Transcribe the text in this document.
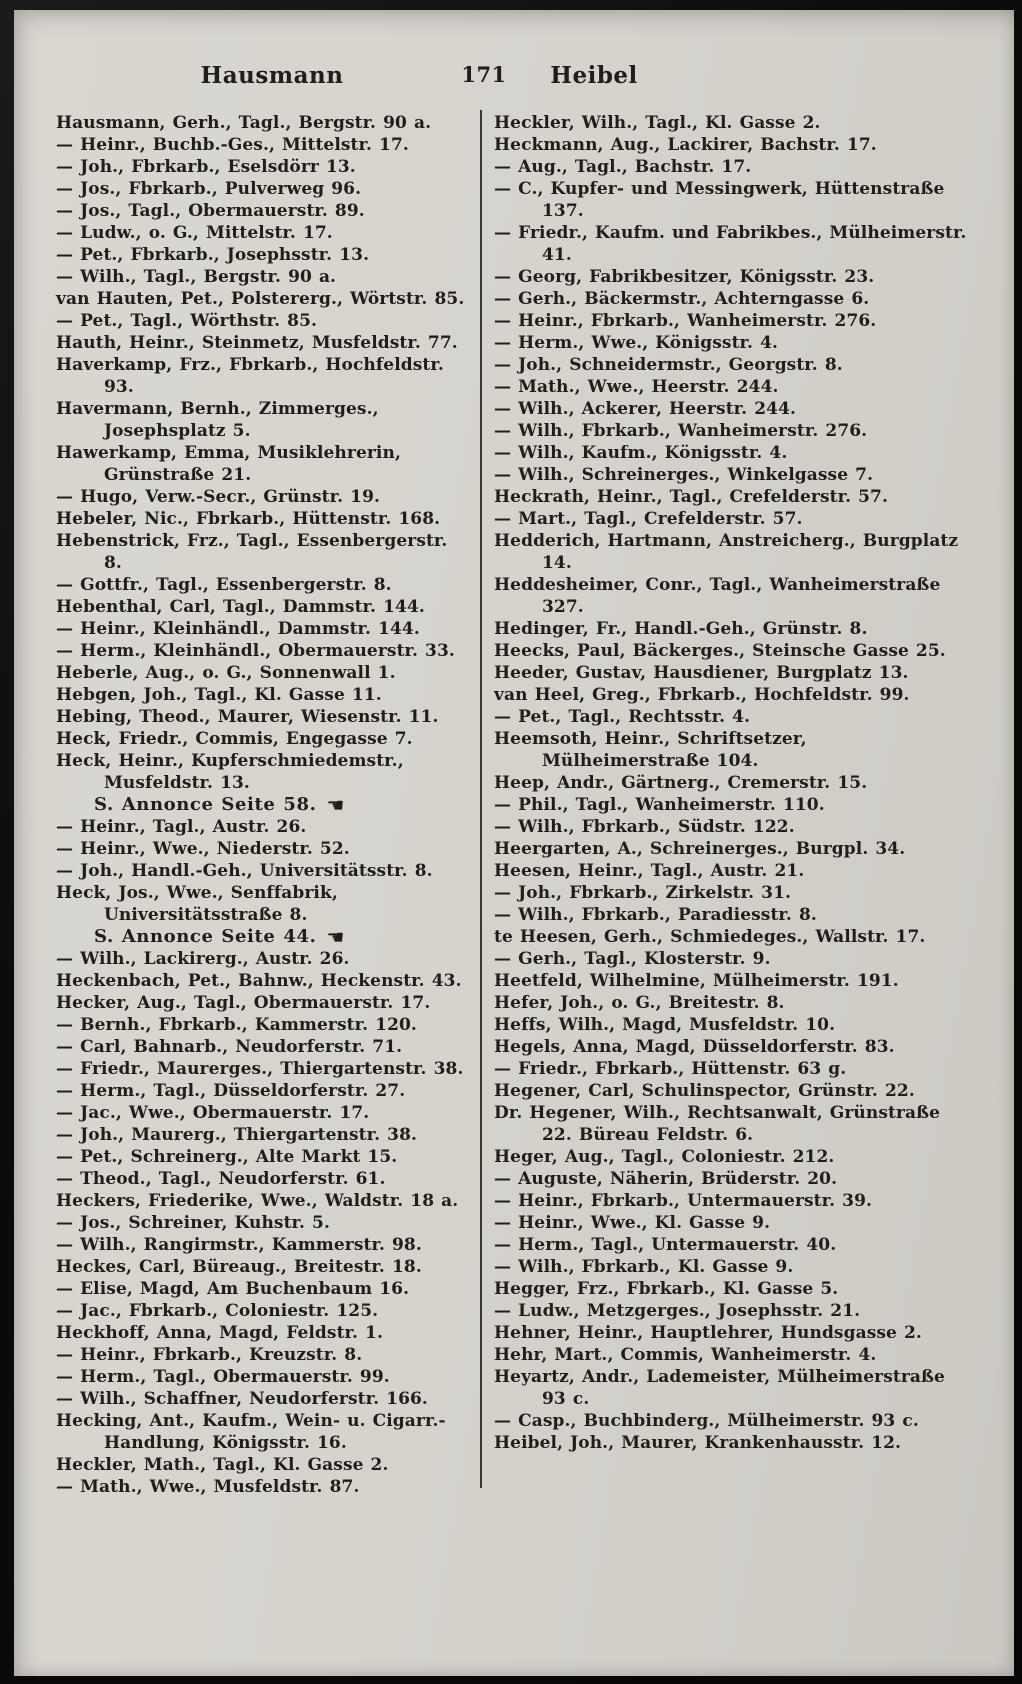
Hausmann	171 Heibel
Hausmann, Gerh., Tagl., Bergstr. 90 a.
— Heinr., Buchb.-Ges., Mittelstr. 17.
— Joh., Fbrkarb., Eselsdörr 13.
— Jos., Fbrkarb., Pulverweg 96.
— Jos., Tagl., Obermauerstr. 89.
— Ludw., o. G., Mittelstr. 17.
— Pet., Fbrkarb., Josephsstr. 13.
— Wilh., Tagl., Bergstr. 90 a.
van Hauten, Pet., Polstererg., Wörtstr. 85.
— Pet., Tagl., Wörthstr. 85.
Hauth, Heinr., Steinmetz, Musfeldstr. 77.
Haverkamp, Frz., Fbrkarb., Hochfeldstr. 93.
Havermann, Bernh., Zimmerges., Josephsplatz 5.
Hawerkamp, Emma, Musiklehrerin, Grünstraße 21.
— Hugo, Verw.-Secr., Grünstr. 19.
Hebeler, Nic., Fbrkarb., Hüttenstr. 168.
Hebenstrick, Frz., Tagl., Essenbergerstr. 8.
— Gottfr., Tagl., Essenbergerstr. 8.
Hebenthal, Carl, Tagl., Dammstr. 144.
— Heinr., Kleinhändl., Dammstr. 144.
— Herm., Kleinhändl., Obermauerstr. 33.
Heberle, Aug., o. G., Sonnenwall 1.
Hebgen, Joh., Tagl., Kl. Gasse 11.
Hebing, Theod., Maurer, Wiesenstr. 11.
Heck, Friedr., Commis, Engegasse 7.
Heck, Heinr., Kupferschmiedemstr., Musfeldstr. 13.
S. Annonce Seite 58. ☚
— Heinr., Tagl., Austr. 26.
— Heinr., Wwe., Niederstr. 52.
— Joh., Handl.-Geh., Universitätsstr. 8.
Heck, Jos., Wwe., Senffabrik, Universitätsstraße 8.
S. Annonce Seite 44. ☚
— Wilh., Lackirerg., Austr. 26.
Heckenbach, Pet., Bahnw., Heckenstr. 43.
Hecker, Aug., Tagl., Obermauerstr. 17.
— Bernh., Fbrkarb., Kammerstr. 120.
— Carl, Bahnarb., Neudorferstr. 71.
— Friedr., Maurerges., Thiergartenstr. 38.
— Herm., Tagl., Düsseldorferstr. 27.
— Jac., Wwe., Obermauerstr. 17.
— Joh., Maurerg., Thiergartenstr. 38.
— Pet., Schreinerg., Alte Markt 15.
— Theod., Tagl., Neudorferstr. 61.
Heckers, Friederike, Wwe., Waldstr. 18 a.
— Jos., Schreiner, Kuhstr. 5.
— Wilh., Rangirmstr., Kammerstr. 98.
Heckes, Carl, Büreaug., Breitestr. 18.
— Elise, Magd, Am Buchenbaum 16.
— Jac., Fbrkarb., Coloniestr. 125.
Heckhoff, Anna, Magd, Feldstr. 1.
— Heinr., Fbrkarb., Kreuzstr. 8.
— Herm., Tagl., Obermauerstr. 99.
— Wilh., Schaffner, Neudorferstr. 166.
Hecking, Ant., Kaufm., Wein- u. Cigarr.-Handlung, Königsstr. 16.
Heckler, Math., Tagl., Kl. Gasse 2.
— Math., Wwe., Musfeldstr. 87.
Heckler, Wilh., Tagl., Kl. Gasse 2.
Heckmann, Aug., Lackirer, Bachstr. 17.
— Aug., Tagl., Bachstr. 17.
— C., Kupfer- und Messingwerk, Hüttenstraße 137.
— Friedr., Kaufm. und Fabrikbes., Mülheimerstr. 41.
— Georg, Fabrikbesitzer, Königsstr. 23.
— Gerh., Bäckermstr., Achterngasse 6.
— Heinr., Fbrkarb., Wanheimerstr. 276.
— Herm., Wwe., Königsstr. 4.
— Joh., Schneidermstr., Georgstr. 8.
— Math., Wwe., Heerstr. 244.
— Wilh., Ackerer, Heerstr. 244.
— Wilh., Fbrkarb., Wanheimerstr. 276.
— Wilh., Kaufm., Königsstr. 4.
— Wilh., Schreinerges., Winkelgasse 7.
Heckrath, Heinr., Tagl., Crefelderstr. 57.
— Mart., Tagl., Crefelderstr. 57.
Hedderich, Hartmann, Anstreicherg., Burgplatz 14.
Heddesheimer, Conr., Tagl., Wanheimerstraße 327.
Hedinger, Fr., Handl.-Geh., Grünstr. 8.
Heecks, Paul, Bäckerges., Steinsche Gasse 25.
Heeder, Gustav, Hausdiener, Burgplatz 13.
van Heel, Greg., Fbrkarb., Hochfeldstr. 99.
— Pet., Tagl., Rechtsstr. 4.
Heemsoth, Heinr., Schriftsetzer, Mülheimerstraße 104.
Heep, Andr., Gärtnerg., Cremerstr. 15.
— Phil., Tagl., Wanheimerstr. 110.
— Wilh., Fbrkarb., Südstr. 122.
Heergarten, A., Schreinerges., Burgpl. 34.
Heesen, Heinr., Tagl., Austr. 21.
— Joh., Fbrkarb., Zirkelstr. 31.
— Wilh., Fbrkarb., Paradiesstr. 8.
te Heesen, Gerh., Schmiedeges., Wallstr. 17.
— Gerh., Tagl., Klosterstr. 9.
Heetfeld, Wilhelmine, Mülheimerstr. 191.
Hefer, Joh., o. G., Breitestr. 8.
Heffs, Wilh., Magd, Musfeldstr. 10.
Hegels, Anna, Magd, Düsseldorferstr. 83.
— Friedr., Fbrkarb., Hüttenstr. 63 g.
Hegener, Carl, Schulinspector, Grünstr. 22.
Dr. Hegener, Wilh., Rechtsanwalt, Grünstraße 22. Büreau Feldstr. 6.
Heger, Aug., Tagl., Coloniestr. 212.
— Auguste, Näherin, Brüderstr. 20.
— Heinr., Fbrkarb., Untermauerstr. 39.
— Heinr., Wwe., Kl. Gasse 9.
— Herm., Tagl., Untermauerstr. 40.
— Wilh., Fbrkarb., Kl. Gasse 9.
Hegger, Frz., Fbrkarb., Kl. Gasse 5.
— Ludw., Metzgerges., Josephsstr. 21.
Hehner, Heinr., Hauptlehrer, Hundsgasse 2.
Hehr, Mart., Commis, Wanheimerstr. 4.
Heyartz, Andr., Lademeister, Mülheimerstraße 93 c.
— Casp., Buchbinderg., Mülheimerstr. 93 c.
Heibel, Joh., Maurer, Krankenhausstr. 12.
